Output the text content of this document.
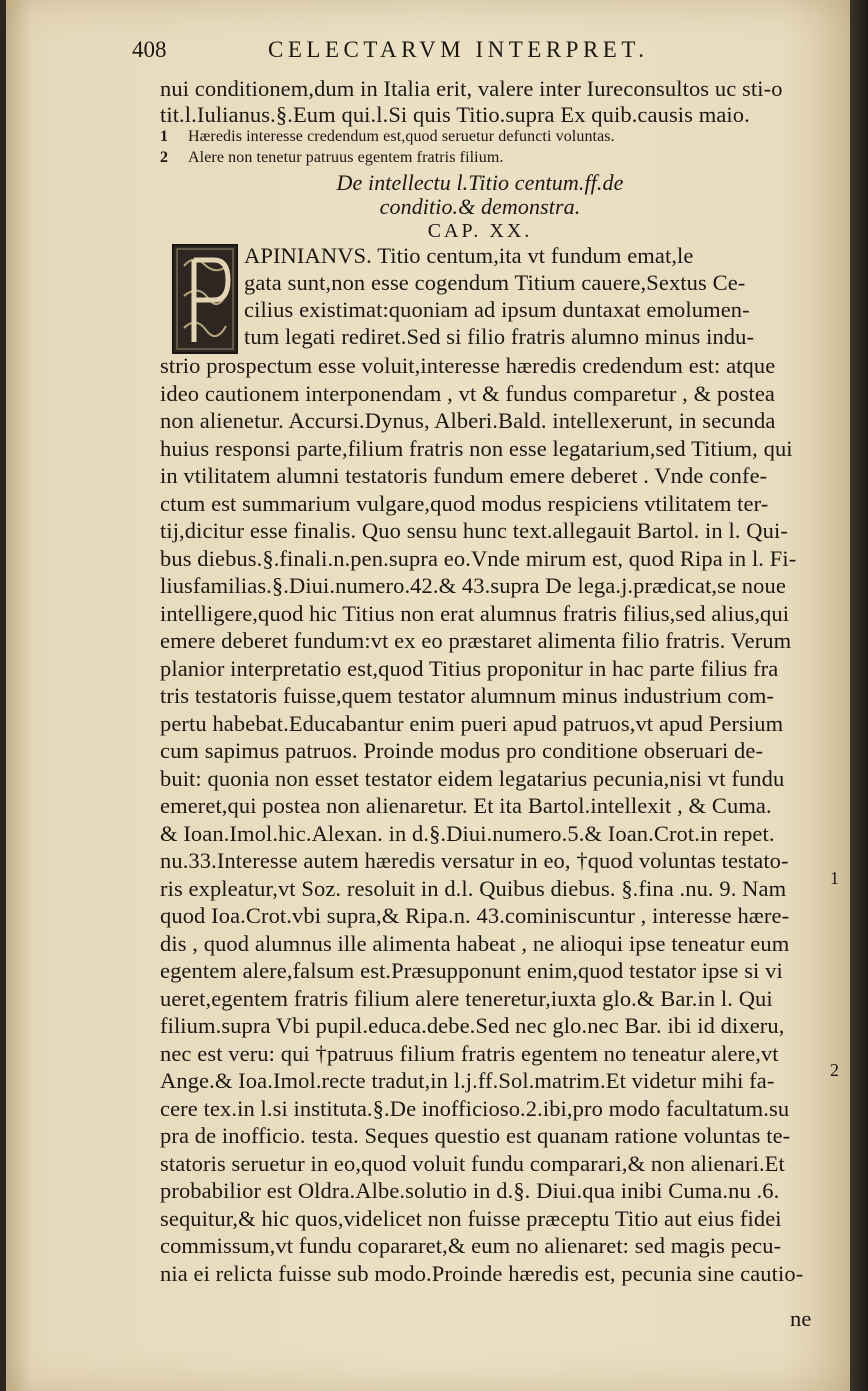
408	CELECTARVM INTERPRET.
nui conditionem,dum in Italia erit, valere inter Iureconsultos uc sti-o
tit.l.Iulianus.§.Eum qui.l.Si quis Titio.supra Ex quib.causis maio.
1 Hæredis interesse credendum est,quod seruetur defuncti voluntas.
2 Alere non tenetur patruus egentem fratris filium.
De intellectu l.Titio centum.ff.de
conditio.& demonstra.
CAP. XX.
APINIANVS. Titio centum,ita vt fundum emat,le
gata sunt,non esse cogendum Titium cauere,Sextus Ce-
cilius existimat:quoniam ad ipsum duntaxat emolumen-
tum legati rediret.Sed si filio fratris alumno minus indu-
strio prospectum esse voluit,interesse hæredis credendum est: atque
ideo cautionem interponendam , vt & fundus comparetur , & postea
non alienetur. Accursi.Dynus, Alberi.Bald. intellexerunt, in secunda
huius responsi parte,filium fratris non esse legatarium,sed Titium, qui
in vtilitatem alumni testatoris fundum emere deberet . Vnde confe-
ctum est summarium vulgare,quod modus respiciens vtilitatem ter-
tij,dicitur esse finalis. Quo sensu hunc text.allegauit Bartol. in l. Qui-
bus diebus.§.finali.n.pen.supra eo.Vnde mirum est, quod Ripa in l. Fi-
liusfamilias.§.Diui.numero.42.& 43.supra De lega.j.prædicat,se noue
intelligere,quod hic Titius non erat alumnus fratris filius,sed alius,qui
emere deberet fundum:vt ex eo præstaret alimenta filio fratris. Verum
planior interpretatio est,quod Titius proponitur in hac parte filius fra
tris testatoris fuisse,quem testator alumnum minus industrium com-
pertu habebat.Educabantur enim pueri apud patruos,vt apud Persium
cum sapimus patruos. Proinde modus pro conditione obseruari de-
buit: quonia non esset testator eidem legatarius pecunia,nisi vt fundu
emeret,qui postea non alienaretur. Et ita Bartol.intellexit , & Cuma.
& Ioan.Imol.hic.Alexan. in d.§.Diui.numero.5.& Ioan.Crot.in repet.
nu.33.Interesse autem hæredis versatur in eo, †quod voluntas testato-
ris expleatur,vt Soz. resoluit in d.l. Quibus diebus. §.fina .nu. 9. Nam
quod Ioa.Crot.vbi supra,& Ripa.n. 43.cominiscuntur , interesse hære-
dis , quod alumnus ille alimenta habeat , ne alioqui ipse teneatur eum
egentem alere,falsum est.Præsupponunt enim,quod testator ipse si vi
ueret,egentem fratris filium alere teneretur,iuxta glo.& Bar.in l. Qui
filium.supra Vbi pupil.educa.debe.Sed nec glo.nec Bar. ibi id dixeru,
nec est veru: qui †patruus filium fratris egentem no teneatur alere,vt
Ange.& Ioa.Imol.recte tradut,in l.j.ff.Sol.matrim.Et videtur mihi fa-
cere tex.in l.si instituta.§.De inofficioso.2.ibi,pro modo facultatum.su
pra de inofficio. testa. Seques questio est quanam ratione voluntas te-
statoris seruetur in eo,quod voluit fundu comparari,& non alienari.Et
probabilior est Oldra.Albe.solutio in d.§. Diui.qua inibi Cuma.nu .6.
sequitur,& hic quos,videlicet non fuisse præceptu Titio aut eius fidei
commissum,vt fundu copararet,& eum no alienaret: sed magis pecu-
nia ei relicta fuisse sub modo.Proinde hæredis est, pecunia sine cautio-
1
2
ne
